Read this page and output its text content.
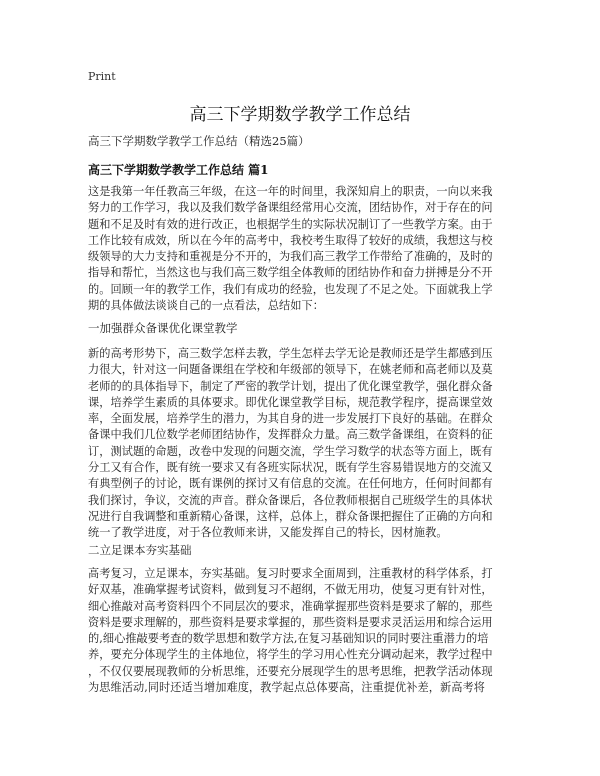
Print
高三下学期数学教学工作总结

高三下学期数学教学工作总结（精选25篇）

高三下学期数学教学工作总结 篇1
这是我第一年任教高三年级，在这一年的时间里，我深知肩上的职责，一向以来我
努力的工作学习，我以及我们数学备课组经常用心交流，团结协作，对于存在的问
题和不足及时有效的进行改正，也根据学生的实际状况制订了一些教学方案。由于
工作比较有成效，所以在今年的高考中，我校考生取得了较好的成绩，我想这与校
级领导的大力支持和重视是分不开的，为我们高三教学工作带给了准确的，及时的
指导和帮忙，当然这也与我们高三数学组全体教师的团结协作和奋力拼搏是分不开
的。回顾一年的教学工作，我们有成功的经验，也发现了不足之处。下面就我上学
期的具体做法谈谈自己的一点看法，总结如下：

一加强群众备课优化课堂教学

新的高考形势下，高三数学怎样去教，学生怎样去学无论是教师还是学生都感到压
力很大，针对这一问题备课组在学校和年级部的领导下，在姚老师和高老师以及莫
老师的的具体指导下，制定了严密的教学计划，提出了优化课堂教学，强化群众备
课，培养学生素质的具体要求。即优化课堂教学目标，规范教学程序，提高课堂效
率，全面发展，培养学生的潜力，为其自身的进一步发展打下良好的基础。在群众
备课中我们几位数学老师团结协作，发挥群众力量。高三数学备课组，在资料的征
订，测试题的命题，改卷中发现的问题交流，学生学习数学的状态等方面上，既有
分工又有合作，既有统一要求又有各班实际状况，既有学生容易错误地方的交流又
有典型例子的讨论，既有课例的探讨又有信息的交流。在任何地方，任何时间都有
我们探讨，争议，交流的声音。群众备课后，各位教师根据自己班级学生的具体状
况进行自我调整和重新精心备课，这样，总体上，群众备课把握住了正确的方向和
统一了教学进度，对于各位教师来讲，又能发挥自己的特长，因材施教。

二立足课本夯实基础

高考复习，立足课本，夯实基础。复习时要求全面周到，注重教材的科学体系，打
好双基，准确掌握考试资料，做到复习不超纲，不做无用功，使复习更有针对性，
细心推敲对高考资料四个不同层次的要求，准确掌握那些资料是要求了解的，那些
资料是要求理解的，那些资料是要求掌握的，那些资料是要求灵活运用和综合运用
的,细心推敲要考查的数学思想和数学方法,在复习基础知识的同时要注重潜力的培
养，要充分体现学生的主体地位，将学生的学习用心性充分调动起来，教学过程中
，不仅仅要展现教师的分析思维，还要充分展现学生的思考思维，把教学活动体现
为思维活动,同时还适当增加难度，教学起点总体要高，注重提优补差，新高考将
